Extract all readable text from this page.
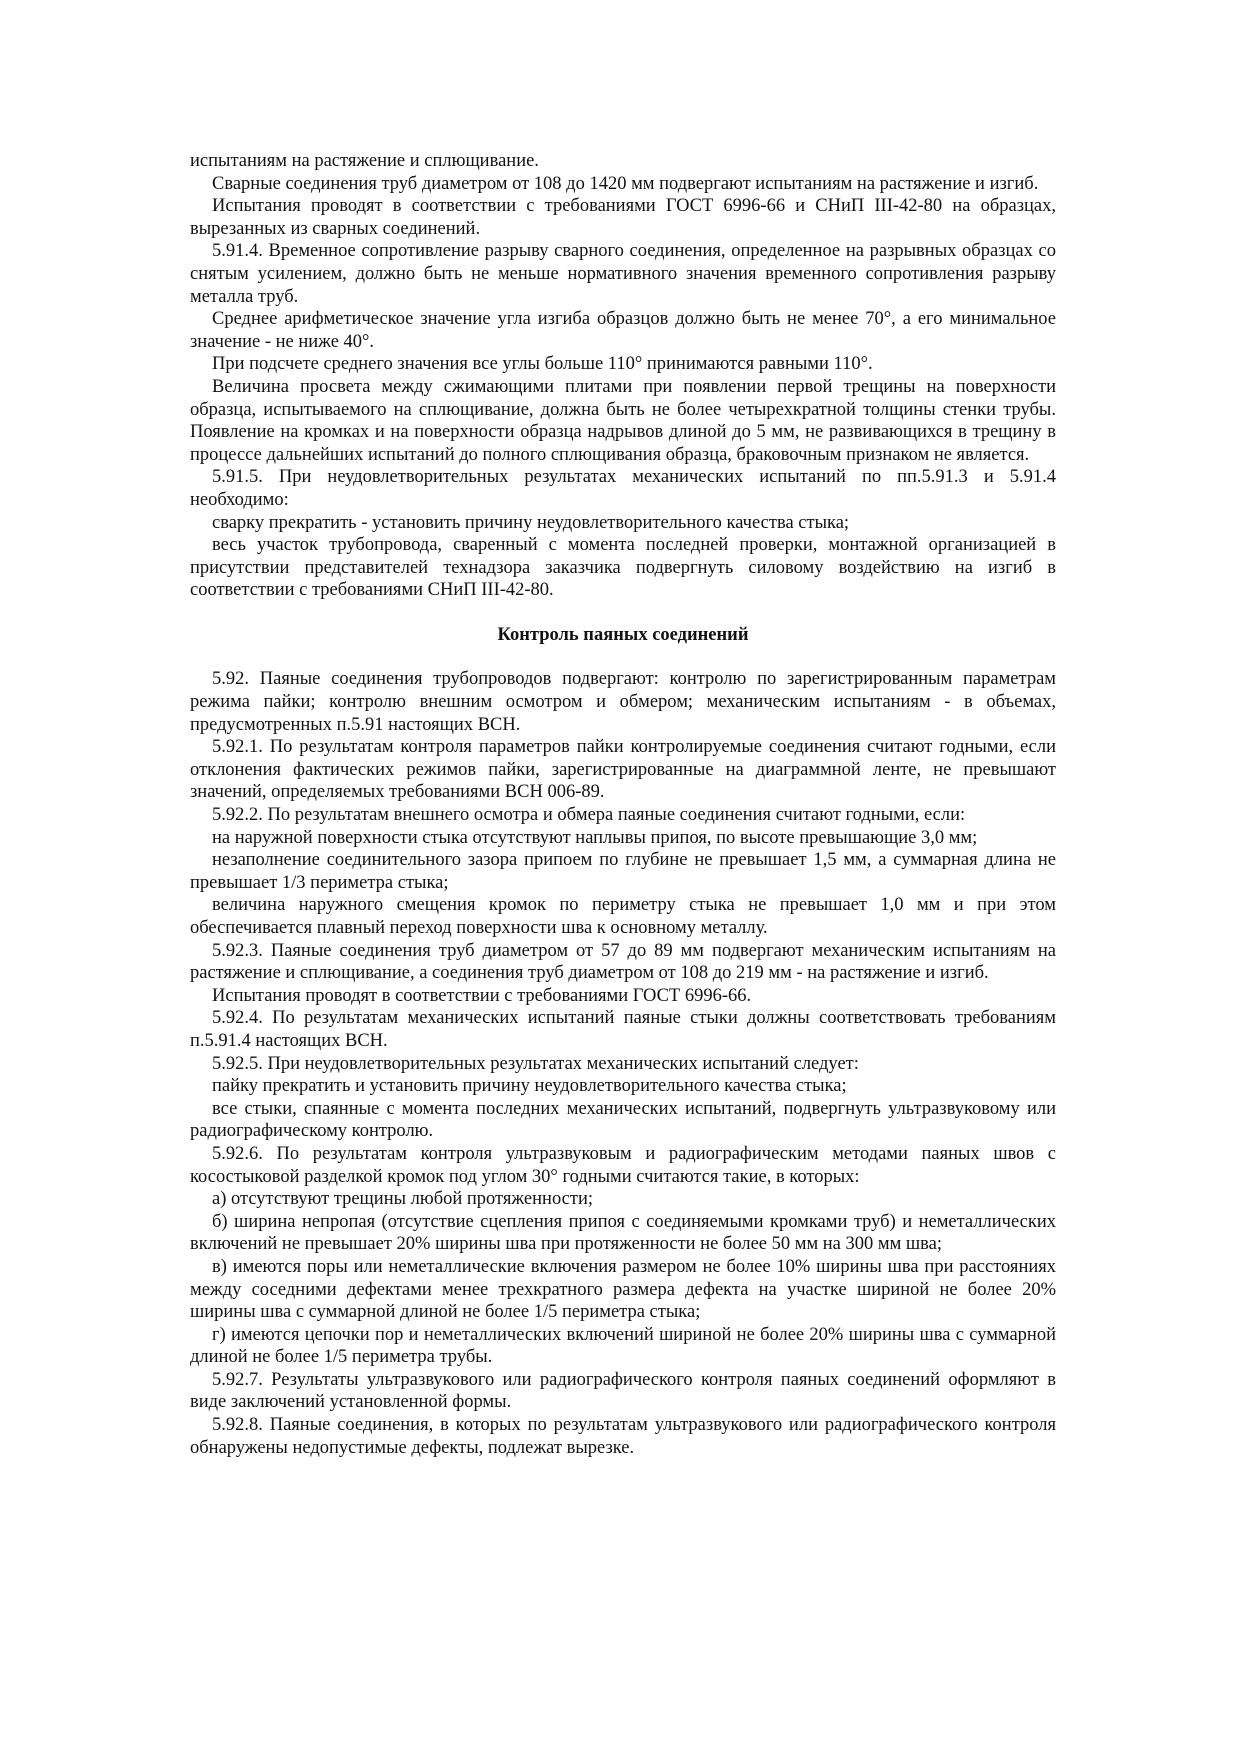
испытаниям на растяжение и сплющивание.

Сварные соединения труб диаметром от 108 до 1420 мм подвергают испытаниям на растяжение и изгиб.

Испытания проводят в соответствии с требованиями ГОСТ 6996-66 и СНиП III-42-80 на образцах, вырезанных из сварных соединений.

5.91.4. Временное сопротивление разрыву сварного соединения, определенное на разрывных образцах со снятым усилением, должно быть не меньше нормативного значения временного сопротивления разрыву металла труб.

Среднее арифметическое значение угла изгиба образцов должно быть не менее 70°, а его минимальное значение - не ниже 40°.

При подсчете среднего значения все углы больше 110° принимаются равными 110°.

Величина просвета между сжимающими плитами при появлении первой трещины на поверхности образца, испытываемого на сплющивание, должна быть не более четырехкратной толщины стенки трубы. Появление на кромках и на поверхности образца надрывов длиной до 5 мм, не развивающихся в трещину в процессе дальнейших испытаний до полного сплющивания образца, браковочным признаком не является.

5.91.5. При неудовлетворительных результатах механических испытаний по пп.5.91.3 и 5.91.4 необходимо:

сварку прекратить - установить причину неудовлетворительного качества стыка;

весь участок трубопровода, сваренный с момента последней проверки, монтажной организацией в присутствии представителей технадзора заказчика подвергнуть силовому воздействию на изгиб в соответствии с требованиями СНиП III-42-80.

Контроль паяных соединений

5.92. Паяные соединения трубопроводов подвергают: контролю по зарегистрированным параметрам режима пайки; контролю внешним осмотром и обмером; механическим испытаниям - в объемах, предусмотренных п.5.91 настоящих ВСН.

5.92.1. По результатам контроля параметров пайки контролируемые соединения считают годными, если отклонения фактических режимов пайки, зарегистрированные на диаграммной ленте, не превышают значений, определяемых требованиями ВСН 006-89.

5.92.2. По результатам внешнего осмотра и обмера паяные соединения считают годными, если:

на наружной поверхности стыка отсутствуют наплывы припоя, по высоте превышающие 3,0 мм;

незаполнение соединительного зазора припоем по глубине не превышает 1,5 мм, а суммарная длина не превышает 1/3 периметра стыка;

величина наружного смещения кромок по периметру стыка не превышает 1,0 мм и при этом обеспечивается плавный переход поверхности шва к основному металлу.

5.92.3. Паяные соединения труб диаметром от 57 до 89 мм подвергают механическим испытаниям на растяжение и сплющивание, а соединения труб диаметром от 108 до 219 мм - на растяжение и изгиб.

Испытания проводят в соответствии с требованиями ГОСТ 6996-66.

5.92.4. По результатам механических испытаний паяные стыки должны соответствовать требованиям п.5.91.4 настоящих ВСН.

5.92.5. При неудовлетворительных результатах механических испытаний следует:

пайку прекратить и установить причину неудовлетворительного качества стыка;

все стыки, спаянные с момента последних механических испытаний, подвергнуть ультразвуковому или радиографическому контролю.

5.92.6. По результатам контроля ультразвуковым и радиографическим методами паяных швов с косостыковой разделкой кромок под углом 30° годными считаются такие, в которых:

а) отсутствуют трещины любой протяженности;

б) ширина непропая (отсутствие сцепления припоя с соединяемыми кромками труб) и неметаллических включений не превышает 20% ширины шва при протяженности не более 50 мм на 300 мм шва;

в) имеются поры или неметаллические включения размером не более 10% ширины шва при расстояниях между соседними дефектами менее трехкратного размера дефекта на участке шириной не более 20% ширины шва с суммарной длиной не более 1/5 периметра стыка;

г) имеются цепочки пор и неметаллических включений шириной не более 20% ширины шва с суммарной длиной не более 1/5 периметра трубы.

5.92.7. Результаты ультразвукового или радиографического контроля паяных соединений оформляют в виде заключений установленной формы.

5.92.8. Паяные соединения, в которых по результатам ультразвукового или радиографического контроля обнаружены недопустимые дефекты, подлежат вырезке.
